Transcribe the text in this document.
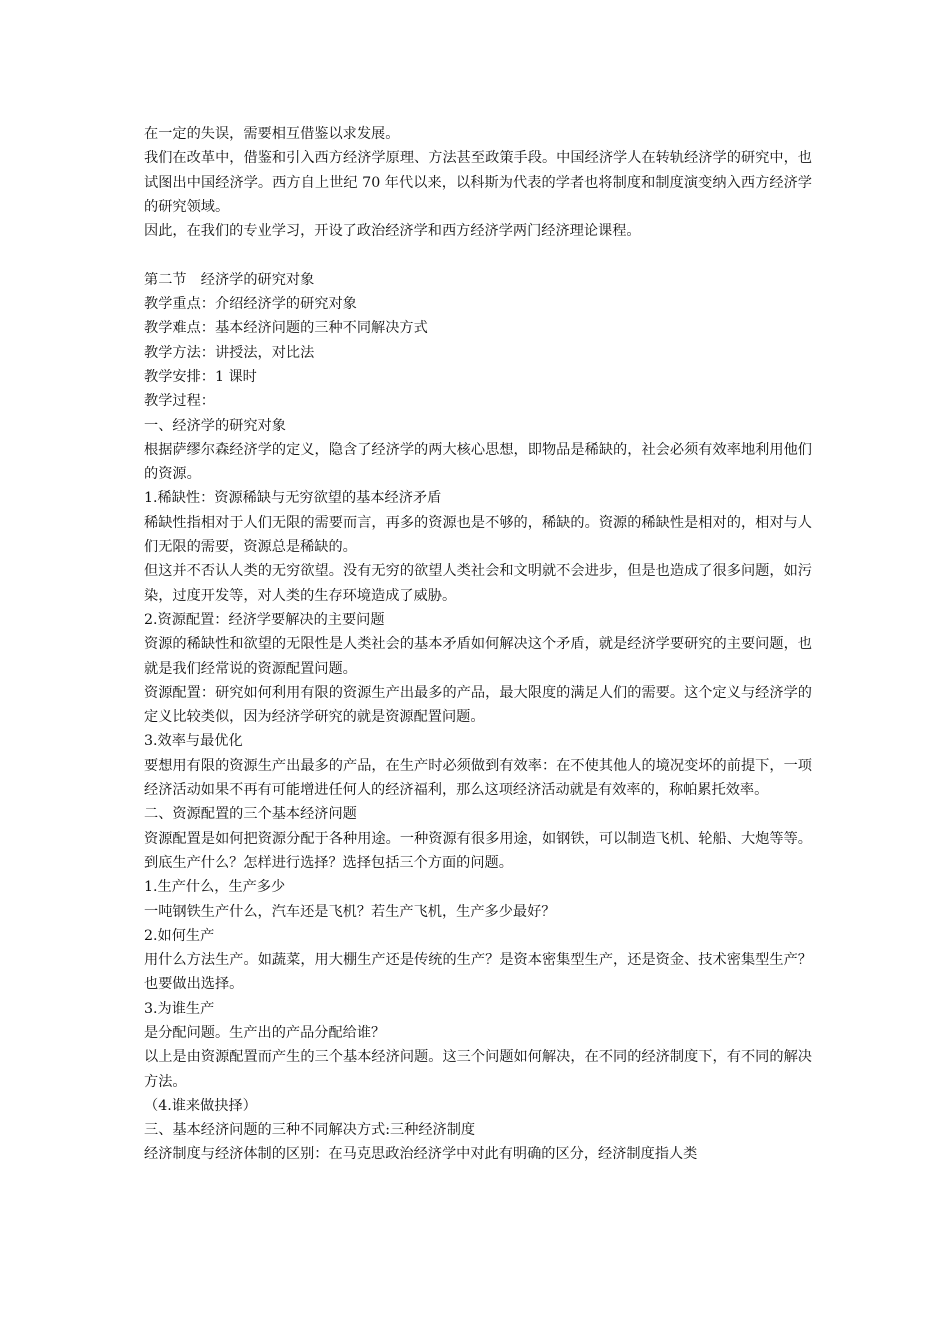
在一定的失误，需要相互借鉴以求发展。

我们在改革中，借鉴和引入西方经济学原理、方法甚至政策手段。中国经济学人在转轨经济学的研究中，也试图出中国经济学。西方自上世纪 70 年代以来，以科斯为代表的学者也将制度和制度演变纳入西方经济学的研究领域。

因此，在我们的专业学习，开设了政治经济学和西方经济学两门经济理论课程。

第二节　经济学的研究对象

教学重点：介绍经济学的研究对象

教学难点：基本经济问题的三种不同解决方式

教学方法：讲授法，对比法

教学安排：1 课时

教学过程：

一、经济学的研究对象

根据萨缪尔森经济学的定义，隐含了经济学的两大核心思想，即物品是稀缺的，社会必须有效率地利用他们的资源。

1.稀缺性：资源稀缺与无穷欲望的基本经济矛盾

稀缺性指相对于人们无限的需要而言，再多的资源也是不够的，稀缺的。资源的稀缺性是相对的，相对与人们无限的需要，资源总是稀缺的。

但这并不否认人类的无穷欲望。没有无穷的欲望人类社会和文明就不会进步，但是也造成了很多问题，如污染，过度开发等，对人类的生存环境造成了威胁。

2.资源配置：经济学要解决的主要问题

资源的稀缺性和欲望的无限性是人类社会的基本矛盾如何解决这个矛盾，就是经济学要研究的主要问题，也就是我们经常说的资源配置问题。

资源配置：研究如何利用有限的资源生产出最多的产品，最大限度的满足人们的需要。这个定义与经济学的定义比较类似，因为经济学研究的就是资源配置问题。

3.效率与最优化

要想用有限的资源生产出最多的产品，在生产时必须做到有效率：在不使其他人的境况变坏的前提下，一项经济活动如果不再有可能增进任何人的经济福利，那么这项经济活动就是有效率的，称帕累托效率。

二、资源配置的三个基本经济问题

资源配置是如何把资源分配于各种用途。一种资源有很多用途，如钢铁，可以制造飞机、轮船、大炮等等。到底生产什么？怎样进行选择？选择包括三个方面的问题。

1.生产什么，生产多少

一吨钢铁生产什么，汽车还是飞机？若生产飞机，生产多少最好？

2.如何生产

用什么方法生产。如蔬菜，用大棚生产还是传统的生产？是资本密集型生产，还是资金、技术密集型生产？也要做出选择。

3.为谁生产

是分配问题。生产出的产品分配给谁？

以上是由资源配置而产生的三个基本经济问题。这三个问题如何解决，在不同的经济制度下，有不同的解决方法。

（4.谁来做抉择）

三、基本经济问题的三种不同解决方式:三种经济制度

经济制度与经济体制的区别：在马克思政治经济学中对此有明确的区分，经济制度指人类
